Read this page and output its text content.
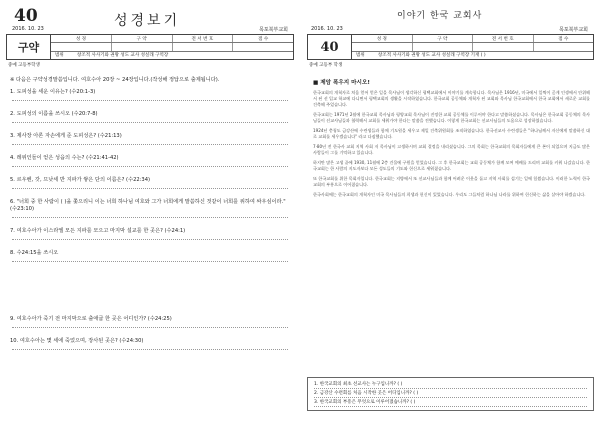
40	성경보기
2016. 10. 23	목포북부교회
구약
성 경	구 약	전 서 번 호	점 수
범위	창조적 사사기와 권왕 성도 교사 성실래 구역장
중예 고등부학생
※ 다음은 구약성경말씀입니다. 여호수아 20장 ~ 24장입니다.(작성해 정답으로 출제됩니다).
1. 도피성을 세운 이유는? (수20:1-3)
2. 도피성의 이름을 쓰시오 (수20:7-8)
3. 제사장 아론 자손에게 준 도피성은? (수21:13)
4. 레위인들이 얻은 성읍의 수는? (수21:41-42)
5. 르우벤, 갓, 므낫세 반 지파가 쌓은 단의 이름은? (수22:34)
6. "너희 중 한 사람이 ( )을 쫓으리니 이는 너희 하나님 여호와 그가 너희에게 말씀하신 것같이 너희를 위하여 싸우심이라." (수23:10)
7. 여호수아가 이스라엘 모든 지파를 모으고 마지막 설교를 한 곳은? (수24:1)
8. 수24:15을 쓰시오
9. 여호수아가 죽기 전 마지막으로 출애굽 한 곳은 어디인가? (수24:25)
10. 여호수아는 몇 세에 죽었으며, 장사된 곳은? (수24:30)
이야기 한국 교회사
2016. 10. 23	목포북부교회
40
성 경	구 약	전 서 번 호	점 수
범위	창조적 사사기와 권왕 성도 교사 성실래 구역장 기재 ( )
중예 고등부 학생
■ 제암 폭우지 마시오!

한국교회의 개척자로 처음 얻어 얻은 일을 목사님이 생각하신 평택교회에서 이야기를 계속합니다. 목사님은 1916년, 미국에서 일찍이 곧게 인생에서 안위해서 된 선 입교 학교에 다니면서 평택교회의 생활을 시작하였습니다. 한국교회 공동체와 개척자 된 교회와 목사님 한국교회에서 한국 교회에서 새로운 교회를 건축해 주었습니다.

한국교회는 1971년 2월에 한국교회 목사님과 평양교회 목사님이 진정한 교회 공동체를 이루어야 한다고 말씀하셨습니다. 목사님은 한국교회 공동체의 목사님들이 선교사님들과 협력해서 교회를 세워가야 한다는 말씀을 전했습니다. 이렇게 한국교회는 선교사님들의 도움으로 성장하였습니다.

1924년 충청도 금강산에 수련생들과 함께 기도원을 세우고 제일 건축위원회를 조직하였습니다. 한국선교사 수련생들은 "하나님께서 자신에게 말씀하신 대로 교회를 세우겠습니다" 라고 다짐했습니다.

7·80년 전 한국사 교회 지역 사회 저 목사님이 고생하시며 교회 결정을 내리셨습니다. 그의 목회는 한국교회의 목회자들에게 큰 본이 되었으며 지금도 많은 사람들이 그를 기억하고 있습니다.

하지만 많은 고생 끝에 1930, 11월에 2층 건물에 구원을 얻었습니다. 그 후 한국교회는 교회 공동체가 함께 모여 예배를 드리며 교회를 키워 나갔습니다. 한국교회는 한 사람의 지도자보다 모든 성도들의 기도와 헌신으로 세워졌습니다.

또 한국교회를 위한 목회자입니다. 한국교회는 지방에서 또 선교사님들과 함께 어려운 이웃을 돕고 지역 사회를 섬기는 일에 힘썼습니다. 이러한 노력이 한국교회의 부흥으로 이어졌습니다.

한국사회에는 한국교회의 개척자인 미국 목사님들의 희생과 헌신이 있었습니다. 우리도 그들처럼 하나님 나라를 위하여 헌신하는 삶을 살아야 하겠습니다.

1. 한국교회의 최초 선교사는 누구입니까? ( )
2. 금강산 수련회를 처음 시작한 곳은 어디입니까? ( )
3. 한국교회의 부흥은 무엇으로 이루어졌습니까? ( )
